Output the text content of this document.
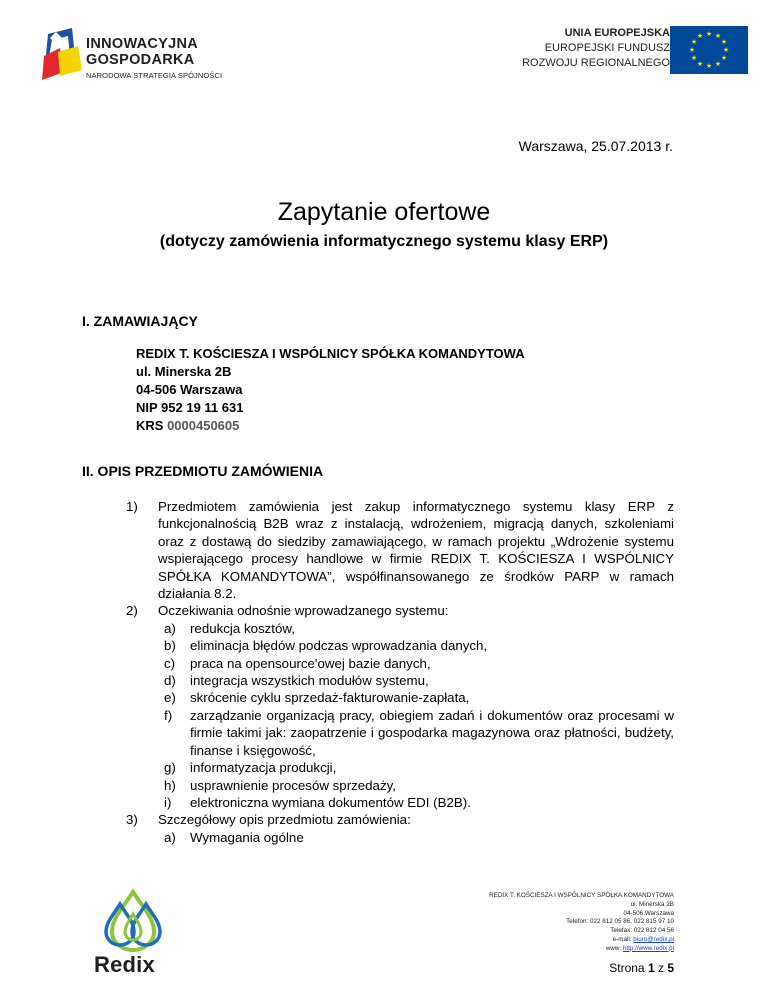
INNOWACYJNA
GOSPODARKA
NARODOWA STRATEGIA SPÓJNOŚCI
UNIA EUROPEJSKA
EUROPEJSKI FUNDUSZ
ROZWOJU REGIONALNEGO
★ ★
★
★
★
★
★
★
★
★
★
★
Warszawa, 25.07.2013 r.
Zapytanie ofertowe
(dotyczy zamówienia informatycznego systemu klasy ERP)
I. ZAMAWIAJĄCY
REDIX T. KOŚCIESZA I WSPÓLNICY SPÓŁKA KOMANDYTOWA
ul. Minerska 2B
04-506 Warszawa
NIP 952 19 11 631
KRS 0000450605
II. OPIS PRZEDMIOTU ZAMÓWIENIA
1) Przedmiotem zamówienia jest zakup informatycznego systemu klasy ERP z funkcjonalnością B2B wraz z instalacją, wdrożeniem, migracją danych, szkoleniami oraz z dostawą do siedziby zamawiającego, w ramach projektu „Wdrożenie systemu wspierającego procesy handlowe w firmie REDIX T. KOŚCIESZA I WSPÓLNICY SPÓŁKA KOMANDYTOWA”, współfinansowanego ze środków PARP w ramach działania 8.2.
2) Oczekiwania odnośnie wprowadzanego systemu:
a) redukcja kosztów,
b) eliminacja błędów podczas wprowadzania danych,
c) praca na opensource'owej bazie danych,
d) integracja wszystkich modułów systemu,
e) skrócenie cyklu sprzedaż-fakturowanie-zapłata,
f) zarządzanie organizacją pracy, obiegiem zadań i dokumentów oraz procesami w firmie takimi jak: zaopatrzenie i gospodarka magazynowa oraz płatności, budżety, finanse i księgowość,
g) informatyzacja produkcji,
h) usprawnienie procesów sprzedaży,
i) elektroniczna wymiana dokumentów EDI (B2B).
3) Szczegółowy opis przedmiotu zamówienia:
a) Wymagania ogólne
Redix
REDIX T. KOŚCIESZA I WSPÓLNICY SPÓŁKA KOMANDYTOWA
ul. Minerska 2B
04-506 Warszawa
Telefon: 022 812 05 86, 022 815 97 10
Telefax: 022 812 04 56
e-mail: biuro@redix.pl
www: http://www.redix.pl
Strona 1 z 5
